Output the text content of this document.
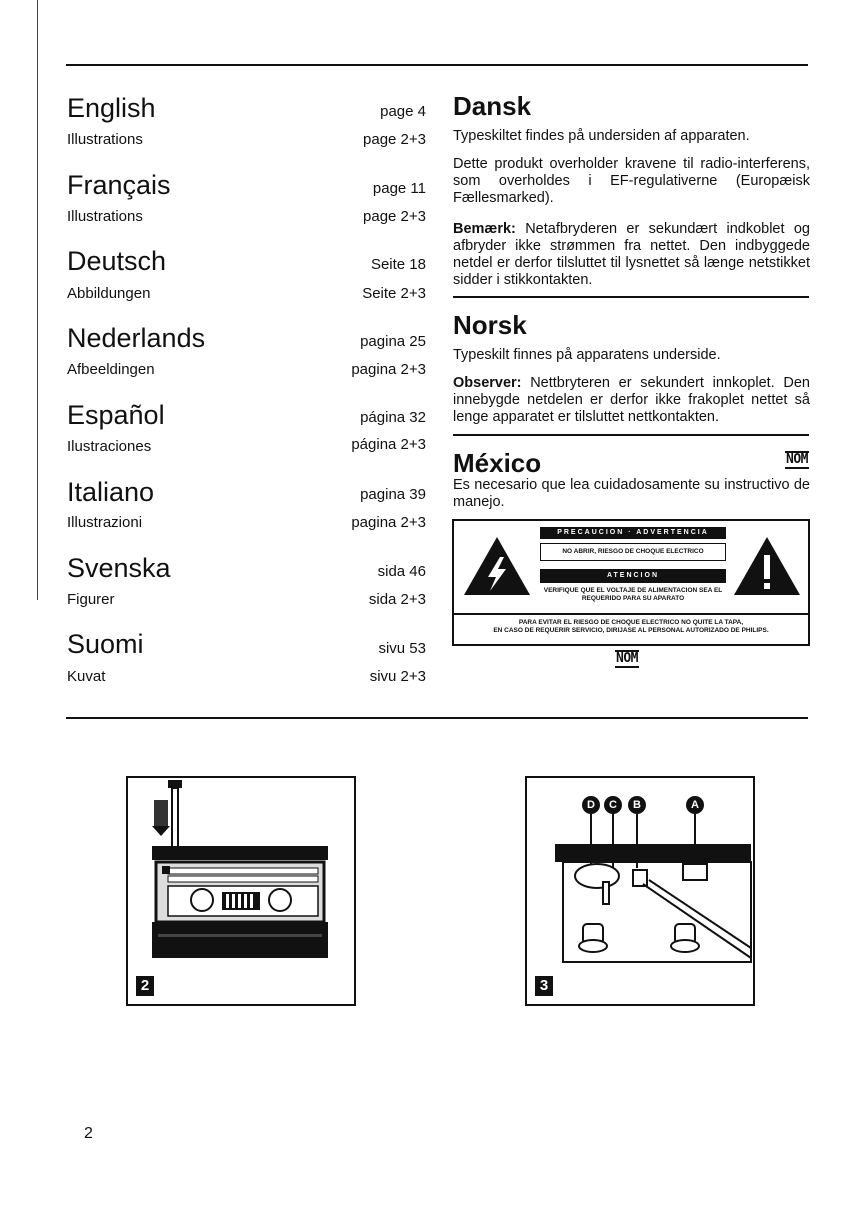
English	page 4
Illustrations	page 2+3
Français	page 11
Illustrations	page 2+3
Deutsch	Seite 18
Abbildungen	Seite 2+3
Nederlands	pagina 25
Afbeeldingen	pagina 2+3
Español	página 32
Ilustraciones	página 2+3
Italiano	pagina 39
Illustrazioni	pagina 2+3
Svenska	sida 46
Figurer	sida 2+3
Suomi	sivu 53
Kuvat	sivu 2+3
Dansk
Typeskiltet findes på undersiden af apparaten.
Dette produkt overholder kravene til radio-interferens, som overholdes i EF-regulativerne (Europæisk Fællesmarked).
Bemærk: Netafbryderen er sekundært indkoblet og afbryder ikke strømmen fra nettet. Den indbyggede netdel er derfor tilsluttet til lysnettet så længe netstikket sidder i stikkontakten.
Norsk
Typeskilt finnes på apparatens underside.
Observer: Nettbryteren er sekundert innkoplet. Den innebygde netdelen er derfor ikke frakoplet nettet så lenge apparatet er tilsluttet nettkontakten.
México	NOM
Es necesario que lea cuidadosamente su instructivo de manejo.
PRECAUCION · ADVERTENCIA
NO ABRIR, RIESGO DE CHOQUE ELECTRICO
ATENCION
VERIFIQUE QUE EL VOLTAJE DE ALIMENTACION SEA EL REQUERIDO PARA SU APARATO
PARA EVITAR EL RIESGO DE CHOQUE ELECTRICO NO QUITE LA TAPA,
EN CASO DE REQUERIR SERVICIO, DIRIJASE AL PERSONAL AUTORIZADO DE PHILIPS.
NOM
2
D	C	B	A
3
2
